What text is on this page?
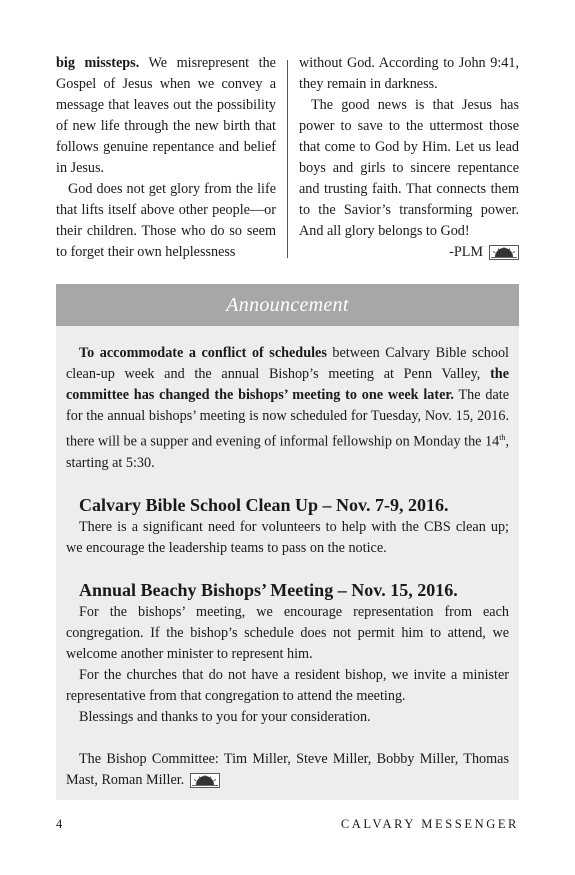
big missteps. We misrepresent the Gospel of Jesus when we convey a message that leaves out the possibility of new life through the new birth that follows genuine repentance and belief in Jesus.

God does not get glory from the life that lifts itself above other people—or their children. Those who do so seem to forget their own helplessness

without God. According to John 9:41, they remain in darkness.

The good news is that Jesus has power to save to the uttermost those that come to God by Him. Let us lead boys and girls to sincere repentance and trusting faith. That connects them to the Savior’s transforming power. And all glory belongs to God!

-PLM

Announcement

To accommodate a conflict of schedules between Calvary Bible school clean-up week and the annual Bishop’s meeting at Penn Valley, the committee has changed the bishops’ meeting to one week later. The date for the annual bishops’ meeting is now scheduled for Tuesday, Nov. 15, 2016. there will be a supper and evening of informal fellowship on Monday the 14th, starting at 5:30.

Calvary Bible School Clean Up – Nov. 7-9, 2016.

There is a significant need for volunteers to help with the CBS clean up; we encourage the leadership teams to pass on the notice.

Annual Beachy Bishops’ Meeting – Nov. 15, 2016.

For the bishops’ meeting, we encourage representation from each congregation. If the bishop’s schedule does not permit him to attend, we welcome another minister to represent him.

For the churches that do not have a resident bishop, we invite a minister representative from that congregation to attend the meeting.

Blessings and thanks to you for your consideration.

The Bishop Committee: Tim Miller, Steve Miller, Bobby Miller, Thomas Mast, Roman Miller.

4	CALVARY MESSENGER
